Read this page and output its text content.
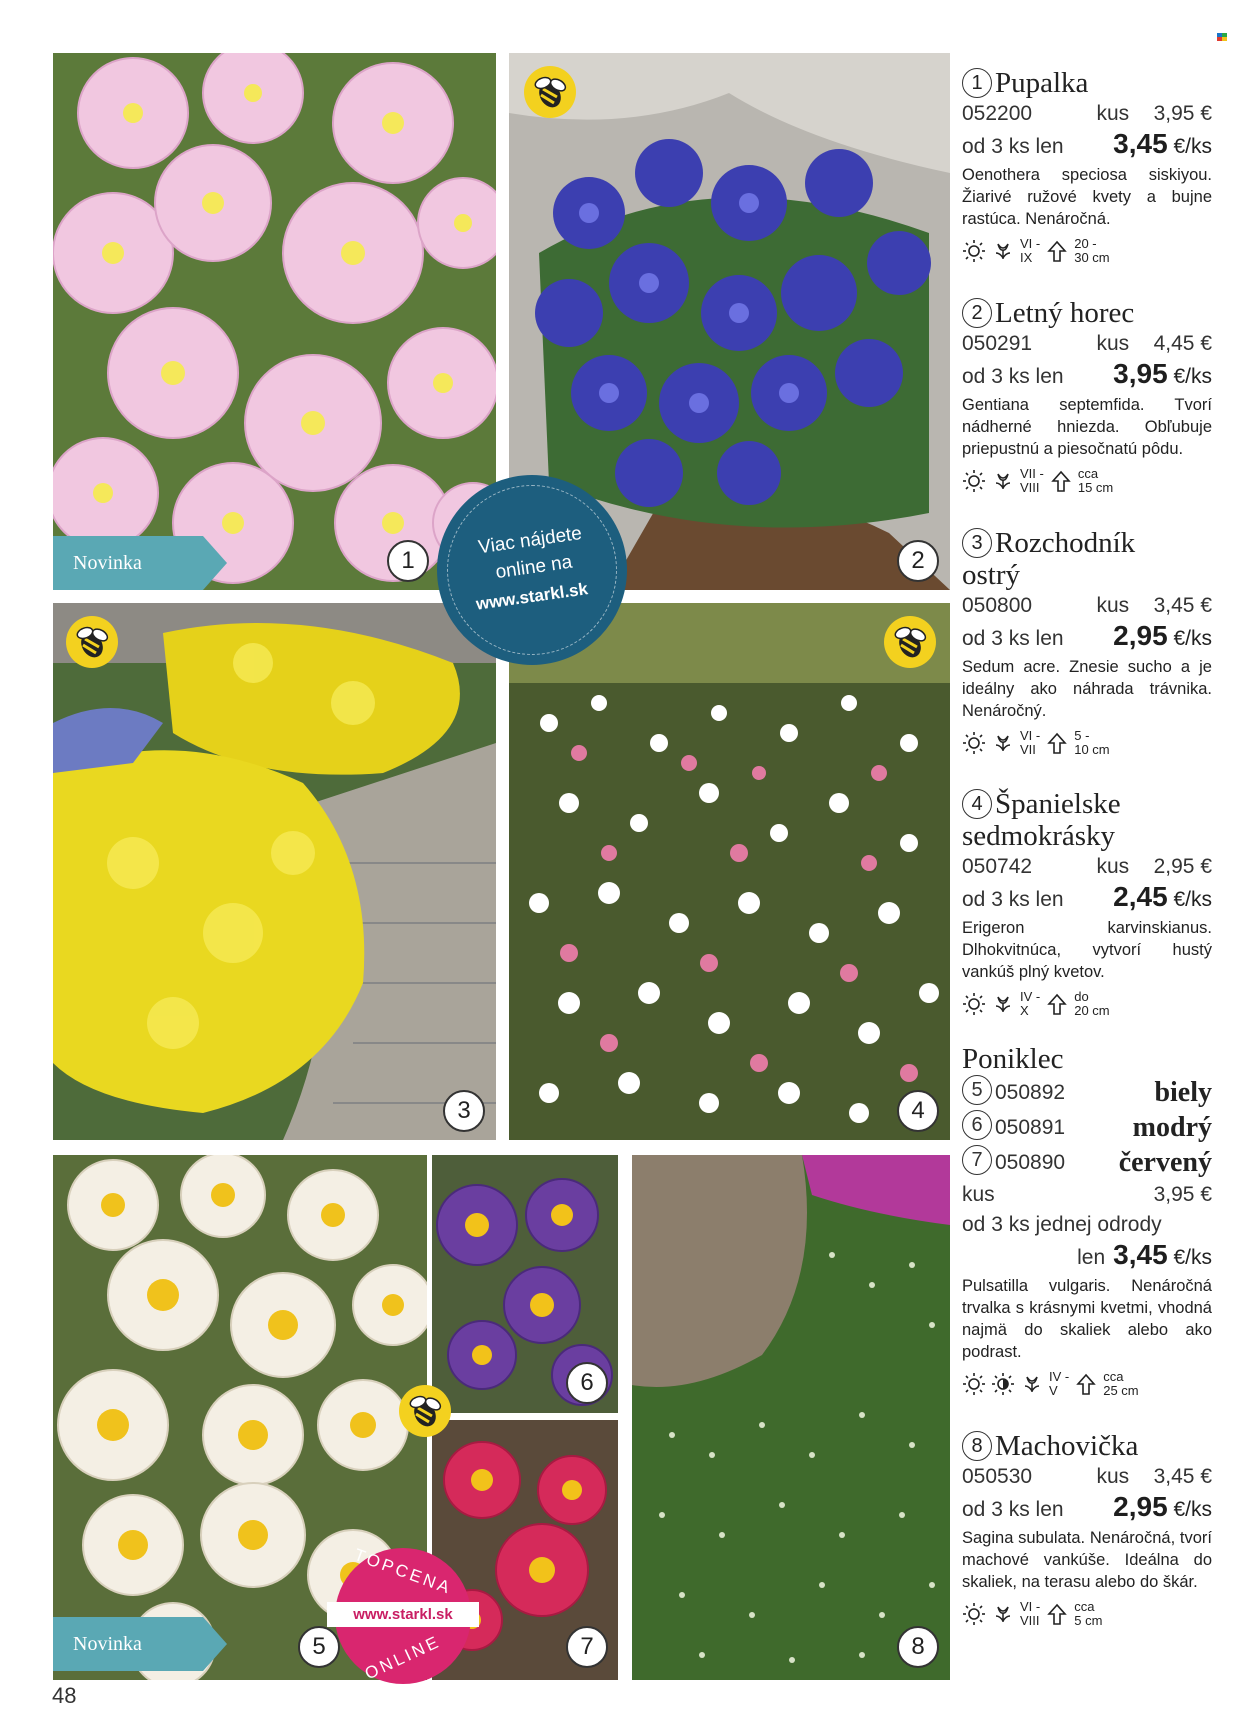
Novinka
Novinka
1	2
3	4
5
6
7	8
Viac nájdete
online na
www.starkl.sk
TOPCENA
www.starkl.sk
ONLINE
1 Pupalka
052200	kus 3,95 €
od 3 ks len 3,45 €/ks
Oenothera speciosa siskiyou. Žiarivé ružové kvety a bujne rastúca. Nenáročná.
VI -
IX
20 -
30 cm
2 Letný horec
050291	kus 4,45 €
od 3 ks len 3,95 €/ks
Gentiana septemfida. Tvorí nádherné hniezda. Obľubuje priepustnú a piesočnatú pôdu.
VII -
VIII
cca
15 cm
3 Rozchodník
ostrý
050800	kus 3,45 €
od 3 ks len 2,95 €/ks
Sedum acre. Znesie sucho a je ideálny ako náhrada trávnika. Nenáročný.
VI -
VII
5 -
10 cm
4 Španielske
sedmokrásky
050742	kus 2,95 €
od 3 ks len 2,45 €/ks
Erigeron karvinskianus. Dlhokvitnúca, vytvorí hustý vankúš plný kvetov.
IV -
X
do
20 cm
Poniklec
5 050892	biely
6 050891 modrý
7 050890 červený
kus	3,95 €
od 3 ks jednej odrody
len 3,45 €/ks
Pulsatilla vulgaris. Nenáročná trvalka s krásnymi kvetmi, vhodná najmä do skaliek alebo ako podrast.
IV -
V
cca
25 cm
8 Machovička
050530	kus 3,45 €
od 3 ks len 2,95 €/ks
Sagina subulata. Nenáročná, tvorí machové vankúše. Ideálna do skaliek, na terasu alebo do škár.
VI -
VIII
cca
5 cm
48
